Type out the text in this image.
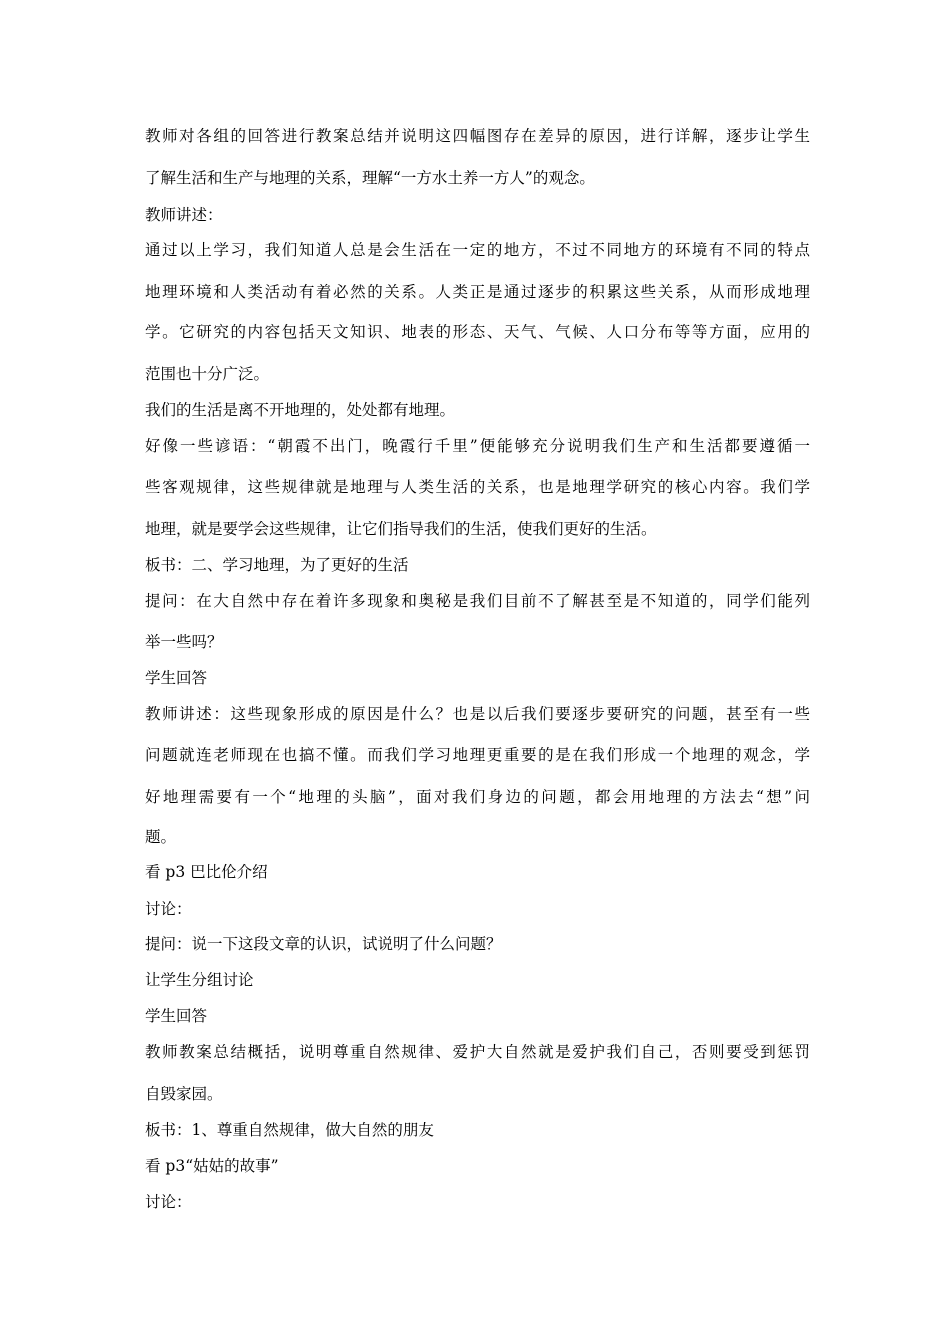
教师对各组的回答进行教案总结并说明这四幅图存在差异的原因，进行详解，逐步让学生
了解生活和生产与地理的关系，理解“一方水土养一方人”的观念。
教师讲述：
通过以上学习，我们知道人总是会生活在一定的地方，不过不同地方的环境有不同的特点
地理环境和人类活动有着必然的关系。人类正是通过逐步的积累这些关系，从而形成地理
学。它研究的内容包括天文知识、地表的形态、天气、气候、人口分布等等方面，应用的
范围也十分广泛。
我们的生活是离不开地理的，处处都有地理。
好像一些谚语：“朝霞不出门，晚霞行千里”便能够充分说明我们生产和生活都要遵循一
些客观规律，这些规律就是地理与人类生活的关系，也是地理学研究的核心内容。我们学
地理，就是要学会这些规律，让它们指导我们的生活，使我们更好的生活。
板书：二、学习地理，为了更好的生活
提问：在大自然中存在着许多现象和奥秘是我们目前不了解甚至是不知道的，同学们能列
举一些吗？
学生回答
教师讲述：这些现象形成的原因是什么？也是以后我们要逐步要研究的问题，甚至有一些
问题就连老师现在也搞不懂。而我们学习地理更重要的是在我们形成一个地理的观念，学
好地理需要有一个“地理的头脑”，面对我们身边的问题，都会用地理的方法去“想”问
题。
看 p3 巴比伦介绍
讨论：
提问：说一下这段文章的认识，试说明了什么问题？
让学生分组讨论
学生回答
教师教案总结概括，说明尊重自然规律、爱护大自然就是爱护我们自己，否则要受到惩罚
自毁家园。
板书：1、尊重自然规律，做大自然的朋友
看 p3“姑姑的故事”
讨论：
